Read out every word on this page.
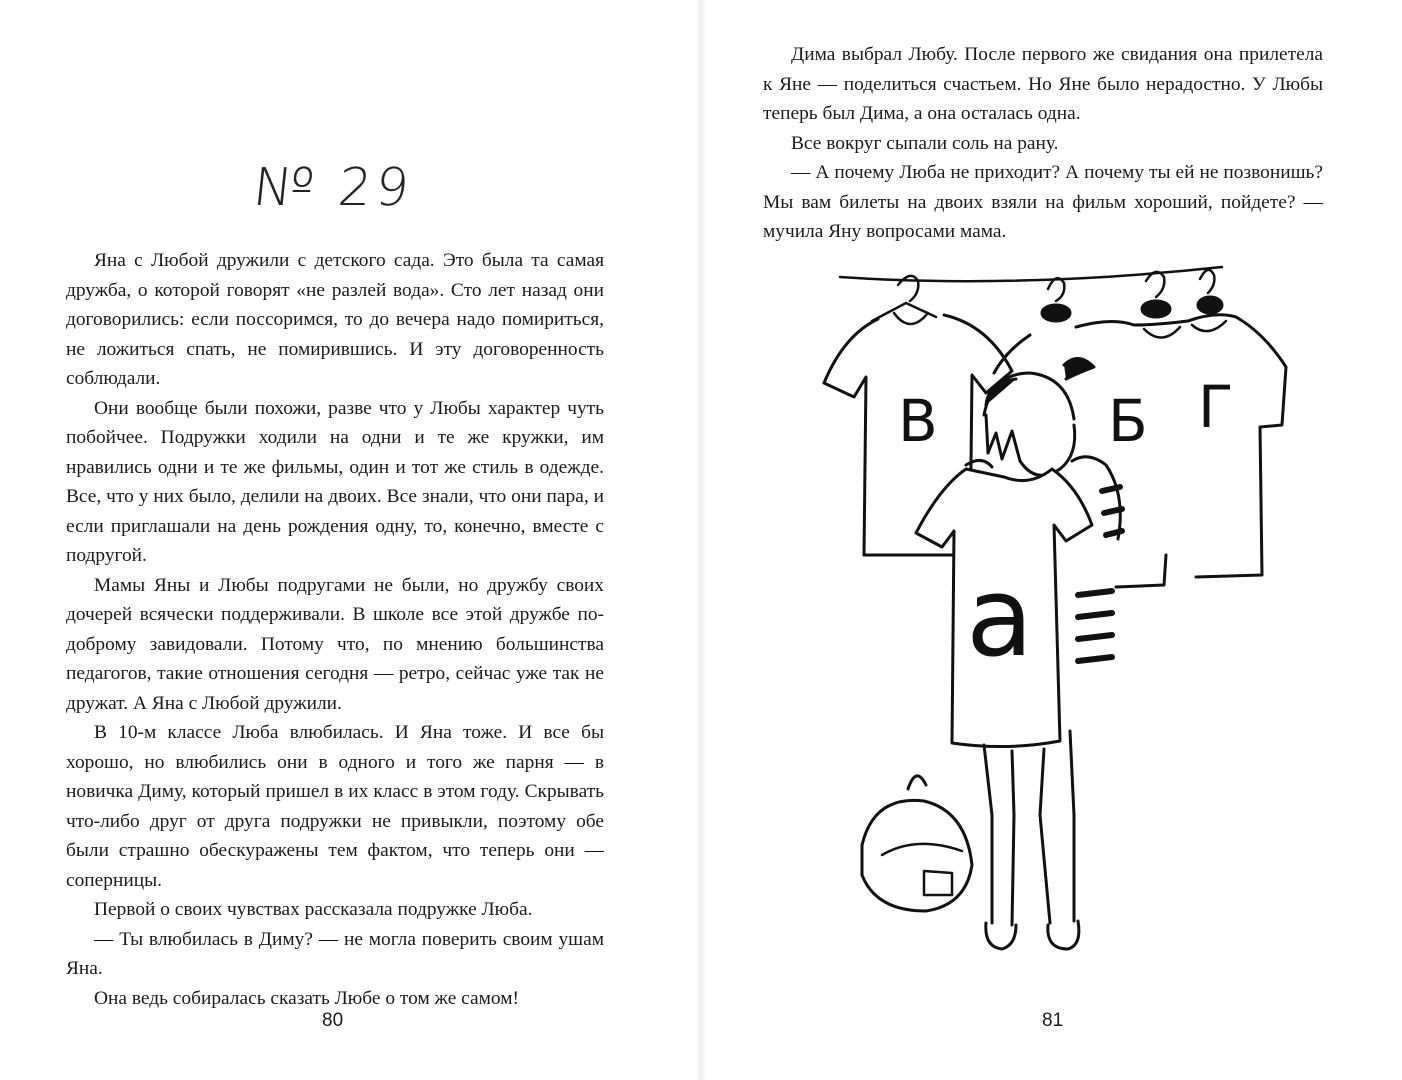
№ 29

Яна с Любой дружили с детского сада. Это была та самая дружба, о которой говорят «не разлей вода». Сто лет назад они договорились: если поссоримся, то до вечера надо помириться, не ложиться спать, не помирившись. И эту договоренность соблюдали.

Они вообще были похожи, разве что у Любы характер чуть побойчее. Подружки ходили на одни и те же кружки, им нравились одни и те же фильмы, один и тот же стиль в одежде. Все, что у них было, делили на двоих. Все знали, что они пара, и если приглашали на день рождения одну, то, конечно, вместе с подругой.

Мамы Яны и Любы подругами не были, но дружбу своих дочерей всячески поддерживали. В школе все этой дружбе по-доброму завидовали. Потому что, по мнению большинства педагогов, такие отношения сегодня — ретро, сейчас уже так не дружат. А Яна с Любой дружили.

В 10-м классе Люба влюбилась. И Яна тоже. И все бы хорошо, но влюбились они в одного и того же парня — в новичка Диму, который пришел в их класс в этом году. Скрывать что-либо друг от друга подружки не привыкли, поэтому обе были страшно обескуражены тем фактом, что теперь они — соперницы.

Первой о своих чувствах рассказала подружке Люба.

— Ты влюбилась в Диму? — не могла поверить своим ушам Яна.

Она ведь собиралась сказать Любе о том же самом!

80

Дима выбрал Любу. После первого же свидания она прилетела к Яне — поделиться счастьем. Но Яне было нерадостно. У Любы теперь был Дима, а она осталась одна.

Все вокруг сыпали соль на рану.

— А почему Люба не приходит? А почему ты ей не позвонишь? Мы вам билеты на двоих взяли на фильм хороший, пойдете? — мучила Яну вопросами мама.

В	Б Г
а
81
